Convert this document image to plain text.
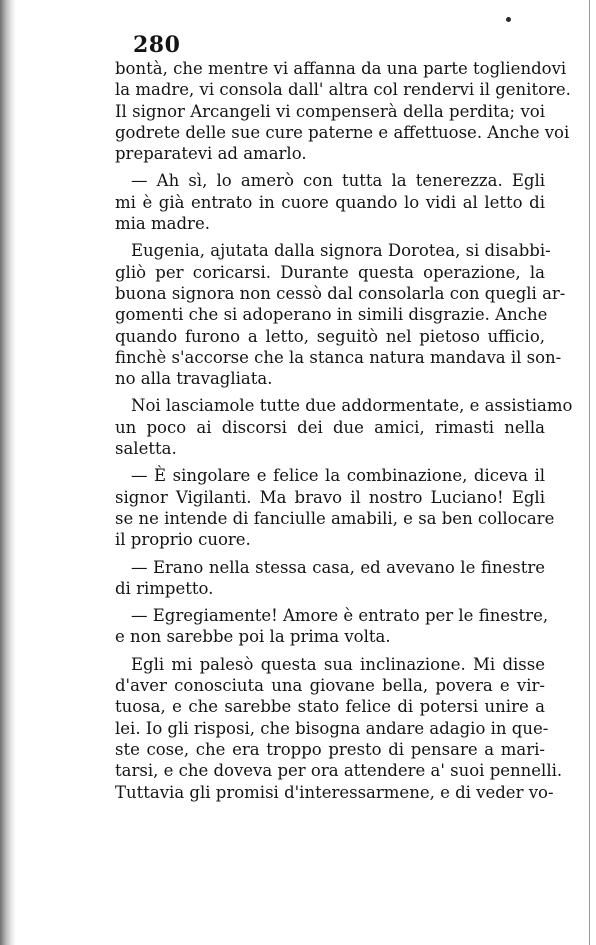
280

bontà, che mentre vi affanna da una parte togliendovi
la madre, vi consola dall' altra col rendervi il genitore.
Il signor Arcangeli vi compenserà della perdita; voi
godrete delle sue cure paterne e affettuose. Anche voi
preparatevi ad amarlo.
— Ah sì, lo amerò con tutta la tenerezza. Egli
mi è già entrato in cuore quando lo vidi al letto di
mia madre.
Eugenia, ajutata dalla signora Dorotea, si disabbi-
gliò per coricarsi. Durante questa operazione, la
buona signora non cessò dal consolarla con quegli ar-
gomenti che si adoperano in simili disgrazie. Anche
quando furono a letto, seguitò nel pietoso ufficio,
finchè s'accorse che la stanca natura mandava il son-
no alla travagliata.
Noi lasciamole tutte due addormentate, e assistiamo
un poco ai discorsi dei due amici, rimasti nella
saletta.
— È singolare e felice la combinazione, diceva il
signor Vigilanti. Ma bravo il nostro Luciano! Egli
se ne intende di fanciulle amabili, e sa ben collocare
il proprio cuore.
— Erano nella stessa casa, ed avevano le finestre
di rimpetto.
— Egregiamente! Amore è entrato per le finestre,
e non sarebbe poi la prima volta.
Egli mi palesò questa sua inclinazione. Mi disse
d'aver conosciuta una giovane bella, povera e vir-
tuosa, e che sarebbe stato felice di potersi unire a
lei. Io gli risposi, che bisogna andare adagio in que-
ste cose, che era troppo presto di pensare a mari-
tarsi, e che doveva per ora attendere a' suoi pennelli.
Tuttavia gli promisi d'interessarmene, e di veder vo-
